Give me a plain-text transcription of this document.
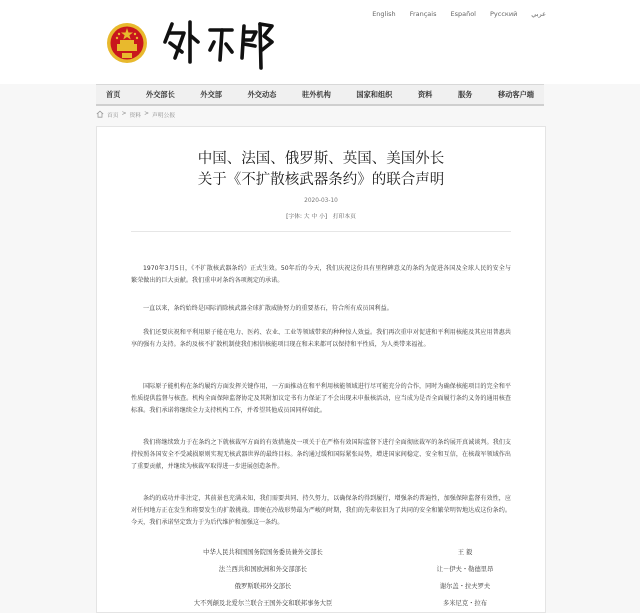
English Français Español Русский عربي
首页	外交部长	外交部	外交动态	驻外机构	国家和组织	资料	服务	移动客户端
首页 > 资料 > 声明公报
中国、法国、俄罗斯、英国、美国外长
关于《不扩散核武器条约》的联合声明
2020-03-10
[字体: 大 中 小] 打印本页

1970年3月5日，《不扩散核武器条约》正式生效。50年后的今天，我们庆祝这份具有里程碑意义的条约为促进各国及全球人民的安全与繁荣做出的巨大贡献。我们重申对条约各项规定的承诺。

一直以来，条约始终是国际消除核武器全球扩散威胁努力的重要基石，符合所有成员国利益。

我们还要庆祝和平利用原子能在电力、医药、农业、工业等领域带来的种种惊人效益。我们再次重申对促进和平利用核能及其应用普惠共享的强有力支持。条约及核不扩散机制使我们相信核能项目现在和未来都可以保持和平性质，为人类带来福祉。

国际原子能机构在条约履约方面发挥关键作用，一方面推动在和平利用核能领域进行尽可能充分的合作，同时为确保核能项目的完全和平性质提供监督与核查。机构全面保障监督协定及其附加议定书有力保证了不会出现未申报核活动，应当成为是否全面履行条约义务的通用核查标准。我们承诺将继续全力支持机构工作，并希望其他成员国同样如此。

我们将继续致力于在条约之下就核裁军方面的有效措施及一项关于在严格有效国际监督下进行全面彻底裁军的条约展开真诚谈判。我们支持按照各国安全不受减损原则实现无核武器世界的最终目标。条约通过缓和国际紧张局势，增进国家间稳定、安全和互信，在核裁军领域作出了重要贡献，并继续为核裁军取得进一步进展创造条件。

条约的成功并非注定，其前景也充满未知，我们需要共同、持久努力，以确保条约得到履行，增强条约普遍性，加强保障监督有效性，应对任何地方正在发生和将要发生的扩散挑战。即便在冷战形势最为严峻的时期，我们的先辈依旧为了共同的安全和繁荣明智地达成这份条约。今天，我们承诺坚定致力于为后代维护和加强这一条约。

中华人民共和国国务院国务委员兼外交部长	王 毅
法兰西共和国欧洲和外交部部长	让－伊夫・勒德里昂
俄罗斯联邦外交部长	谢尔盖・拉夫罗夫
大不列颠及北爱尔兰联合王国外交和联邦事务大臣	多米尼克・拉布
